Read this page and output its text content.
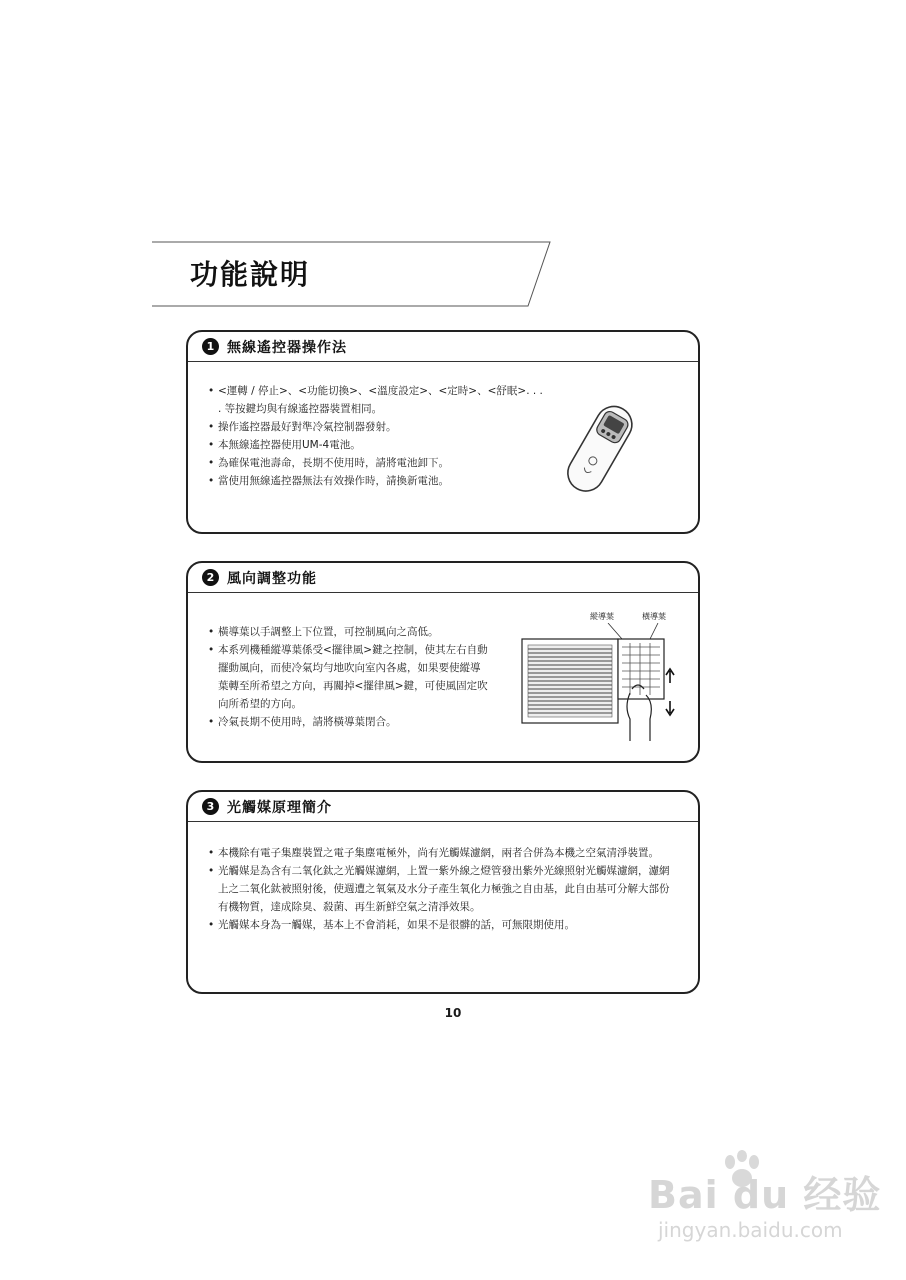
功能說明
1 無線遙控器操作法
• <運轉 / 停止>、<功能切換>、<溫度設定>、<定時>、<舒眠>. . . . 等按鍵均與有線遙控器裝置相同。
• 操作遙控器最好對準冷氣控制器發射。
• 本無線遙控器使用UM-4電池。
• 為確保電池壽命，長期不使用時，請將電池卸下。
• 當使用無線遙控器無法有效操作時，請換新電池。
2 風向調整功能
• 橫導葉以手調整上下位置，可控制風向之高低。
• 本系列機種縱導葉係受<擺律風>鍵之控制，使其左右自動擺動風向，而使冷氣均勻地吹向室內各處，如果要使縱導葉轉至所希望之方向，再關掉<擺律風>鍵，可使風固定吹向所希望的方向。
• 冷氣長期不使用時，請將橫導葉閉合。
縱導葉	橫導葉
3 光觸媒原理簡介
• 本機除有電子集塵裝置之電子集塵電極外，尚有光觸媒濾網，兩者合併為本機之空氣清淨裝置。
• 光觸媒是為含有二氧化鈦之光觸媒濾網，上置一紫外線之燈管發出紫外光線照射光觸媒濾網，濾網上之二氧化鈦被照射後，使週遭之氧氣及水分子產生氧化力極強之自由基，此自由基可分解大部份有機物質，達成除臭、殺菌、再生新鮮空氣之清淨效果。
• 光觸媒本身為一觸媒，基本上不會消耗，如果不是很髒的話，可無限期使用。
10
Bai du 经验
jingyan.baidu.com
